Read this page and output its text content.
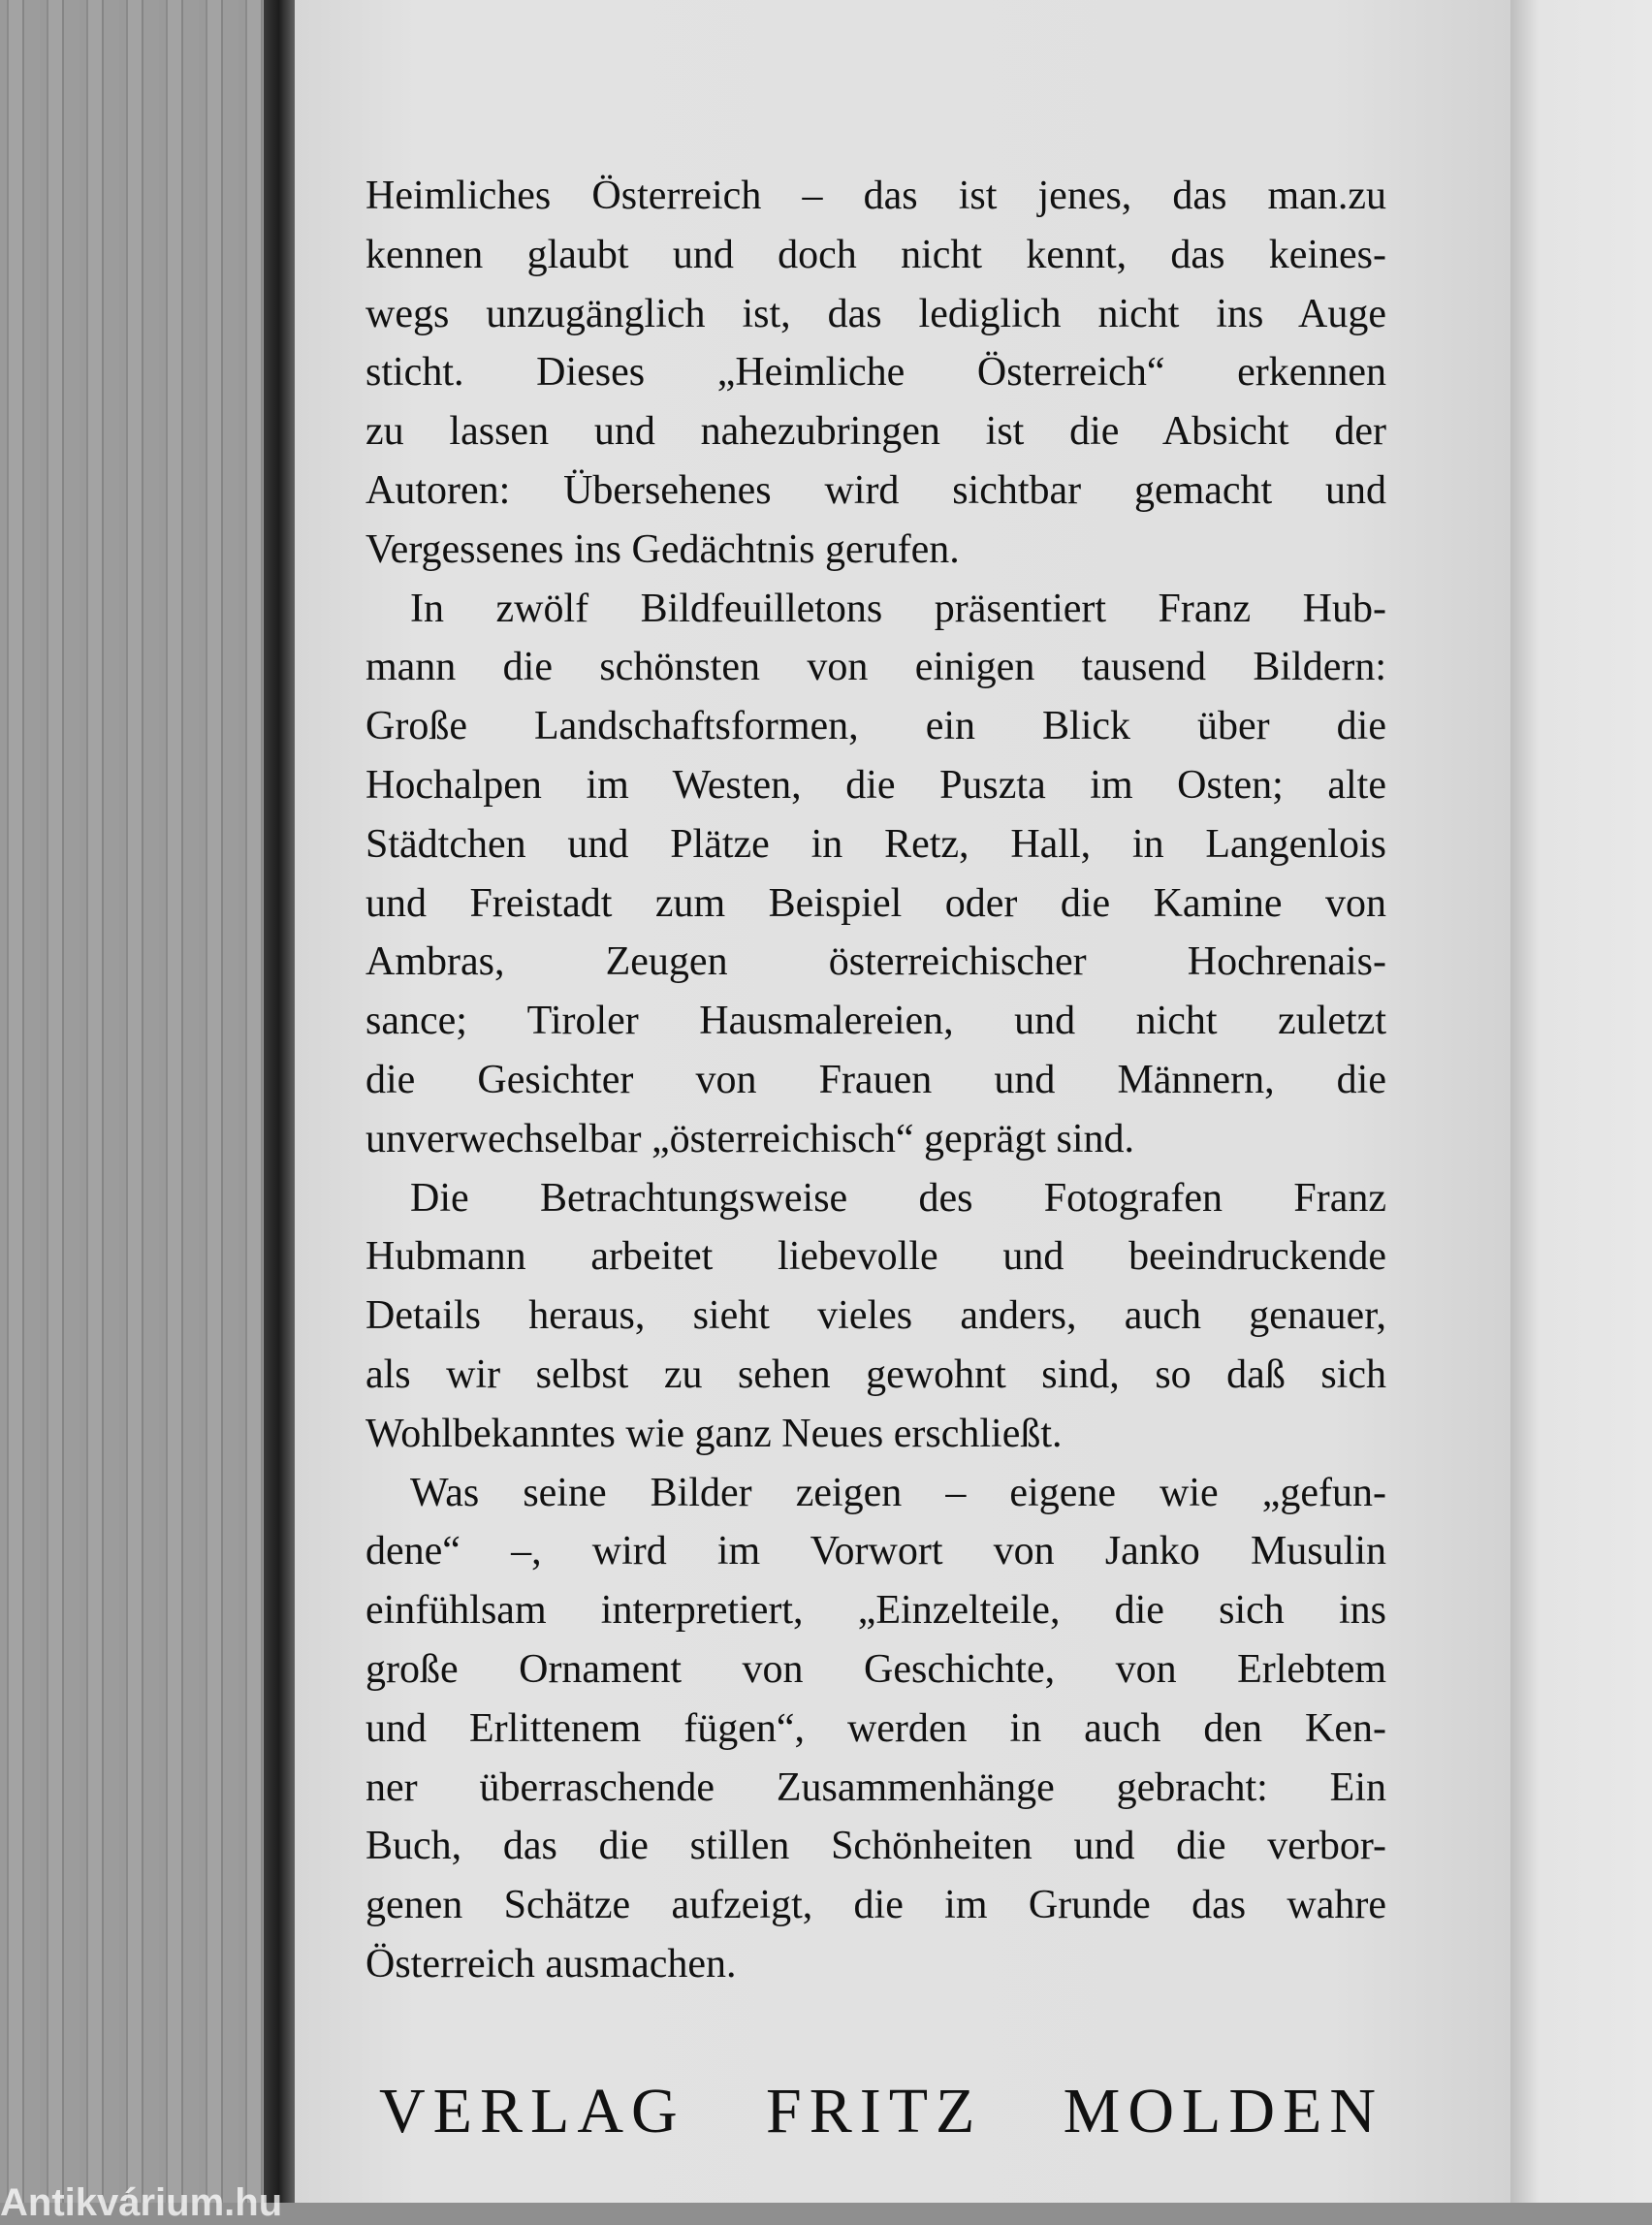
Heimliches Österreich – das ist jenes, das man.zu
kennen glaubt und doch nicht kennt, das keines-
wegs unzugänglich ist, das lediglich nicht ins Auge
sticht. Dieses „Heimliche Österreich“ erkennen
zu lassen und nahezubringen ist die Absicht der
Autoren: Übersehenes wird sichtbar gemacht und
Vergessenes ins Gedächtnis gerufen.
In zwölf Bildfeuilletons präsentiert Franz Hub-
mann die schönsten von einigen tausend Bildern:
Große Landschaftsformen, ein Blick über die
Hochalpen im Westen, die Puszta im Osten; alte
Städtchen und Plätze in Retz, Hall, in Langenlois
und Freistadt zum Beispiel oder die Kamine von
Ambras, Zeugen österreichischer Hochrenais-
sance; Tiroler Hausmalereien, und nicht zuletzt
die Gesichter von Frauen und Männern, die
unverwechselbar „österreichisch“ geprägt sind.
Die Betrachtungsweise des Fotografen Franz
Hubmann arbeitet liebevolle und beeindruckende
Details heraus, sieht vieles anders, auch genauer,
als wir selbst zu sehen gewohnt sind, so daß sich
Wohlbekanntes wie ganz Neues erschließt.
Was seine Bilder zeigen – eigene wie „gefun-
dene“ –, wird im Vorwort von Janko Musulin
einfühlsam interpretiert, „Einzelteile, die sich ins
große Ornament von Geschichte, von Erlebtem
und Erlittenem fügen“, werden in auch den Ken-
ner überraschende Zusammenhänge gebracht: Ein
Buch, das die stillen Schönheiten und die verbor-
genen Schätze aufzeigt, die im Grunde das wahre
Österreich ausmachen.
VERLAG FRITZ MOLDEN
Antikvárium.hu
